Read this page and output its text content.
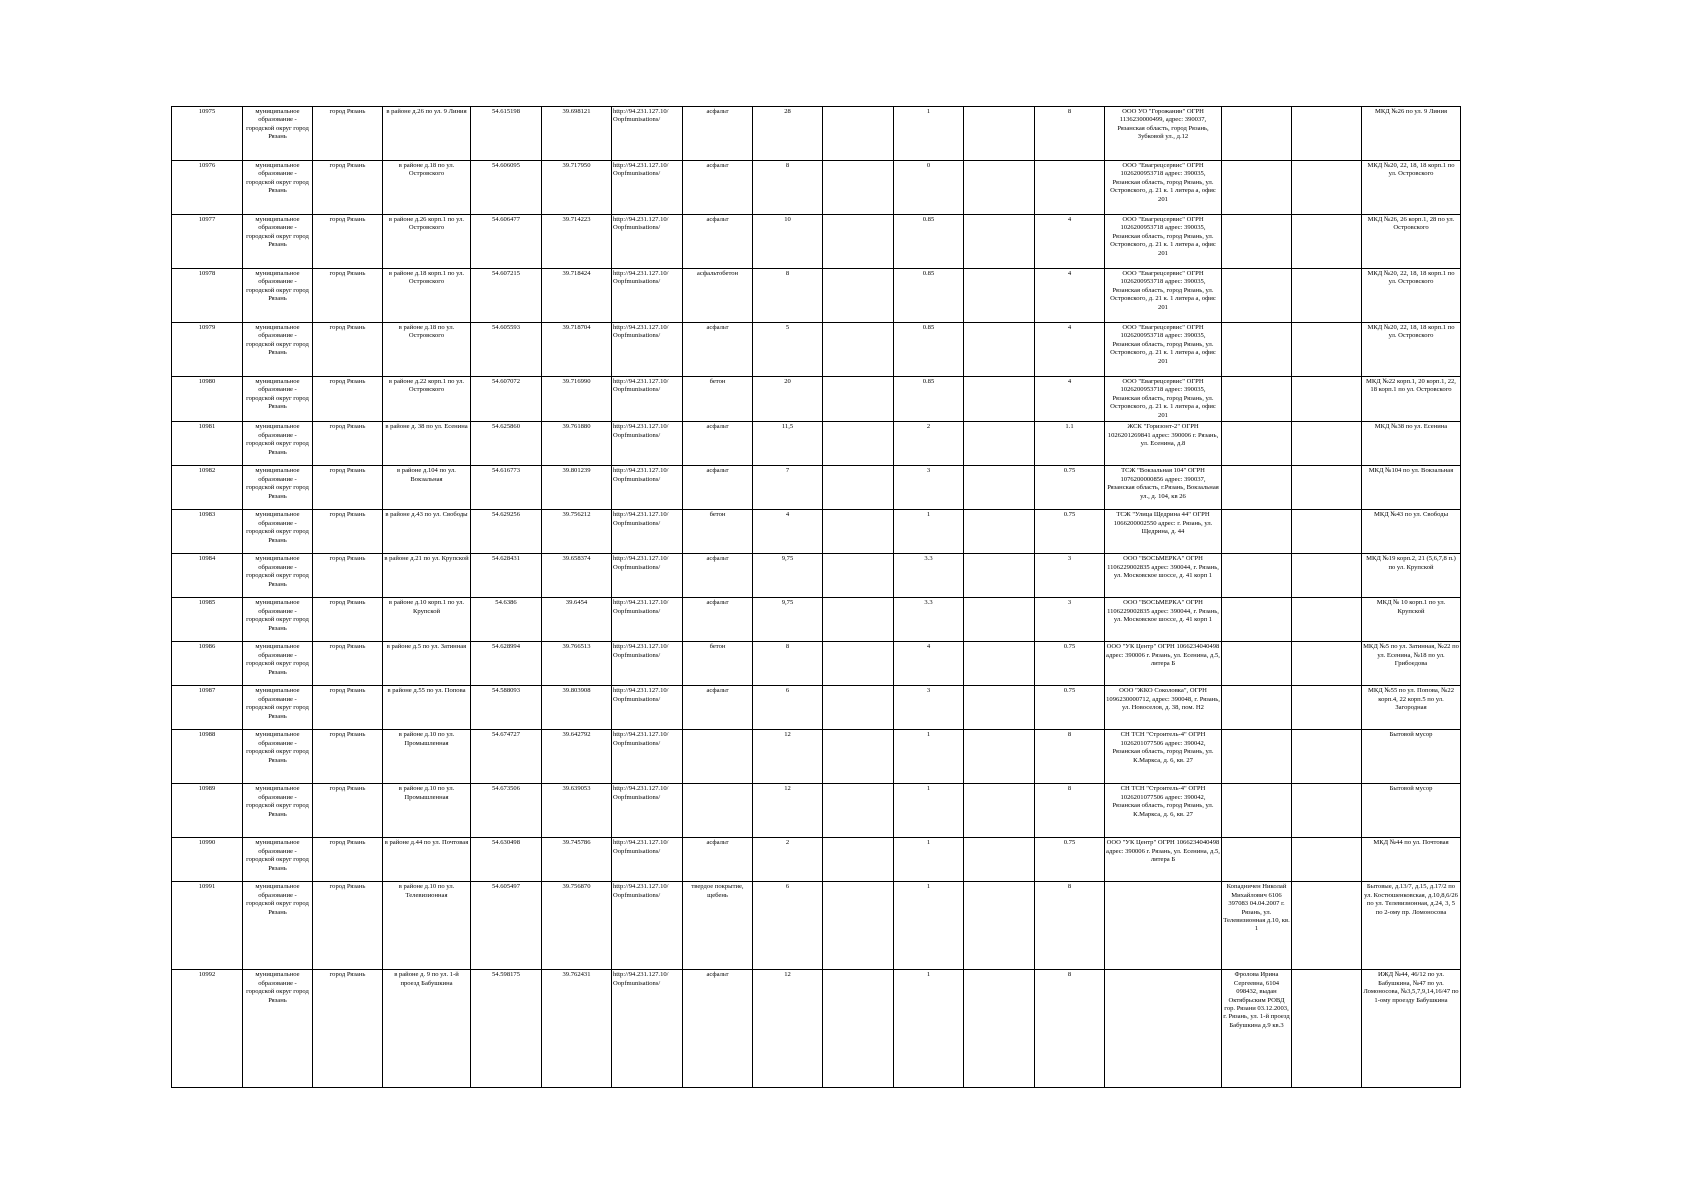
10975	муниципальное образование - городской округ город Рязань	город Рязань	в районе д.26 по ул. 9 Линия	54.615198	39.698121	http://94.231.127.10/ Oopfmunisations/	асфальт	28		1		8	ООО УО "Горожанин" ОГРН 1136230000499, адрес: 390037, Рязанская область, город Рязань, Зубковой ул., д.12			МКД №26 по ул. 9 Линия
10976	муниципальное образование - городской округ город Рязань	город Рязань	в районе д.18 по ул. Островского	54.606095	39.717950	http://94.231.127.10/ Oopfmunisations/	асфальт	8		0			ООО "Евагрецсервис" ОГРН 1026200953718 адрес: 390035, Рязанская область, город Рязань, ул. Островского, д. 21 к. 1 литера а, офис 201			МКД №20, 22, 18, 18 корп.1 по ул. Островского
10977	муниципальное образование - городской округ город Рязань	город Рязань	в районе д.26 корп.1 по ул. Островского	54.606477	39.714223	http://94.231.127.10/ Oopfmunisations/	асфальт	10		0.85		4	ООО "Евагрецсервис" ОГРН 1026200953718 адрес: 390035, Рязанская область, город Рязань, ул. Островского, д. 21 к. 1 литера а, офис 201			МКД №26, 26 корп.1, 28 по ул. Островского
10978	муниципальное образование - городской округ город Рязань	город Рязань	в районе д.18 корп.1 по ул. Островского	54.607215	39.718424	http://94.231.127.10/ Oopfmunisations/	асфальтобетон	8		0.85		4	ООО "Евагрецсервис" ОГРН 1026200953718 адрес: 390035, Рязанская область, город Рязань, ул. Островского, д. 21 к. 1 литера а, офис 201			МКД №20, 22, 18, 18 корп.1 по ул. Островского
10979	муниципальное образование - городской округ город Рязань	город Рязань	в районе д.18 по ул. Островского	54.605593	39.718704	http://94.231.127.10/ Oopfmunisations/	асфальт	5		0.85		4	ООО "Евагрецсервис" ОГРН 1026200953718 адрес: 390035, Рязанская область, город Рязань, ул. Островского, д. 21 к. 1 литера а, офис 201			МКД №20, 22, 18, 18 корп.1 по ул. Островского
10980	муниципальное образование - городской округ город Рязань	город Рязань	в районе д.22 корп.1 по ул. Островского	54.607072	39.716990	http://94.231.127.10/ Oopfmunisations/	бетон	20		0.85		4	ООО "Евагрецсервис" ОГРН 1026200953718 адрес: 390035, Рязанская область, город Рязань, ул. Островского, д. 21 к. 1 литера а, офис 201			МКД №22 корп.1, 20 корп.1, 22, 18 корп.1 по ул. Островского
10981	муниципальное образование - городской округ город Рязань	город Рязань	в районе д. 38 по ул. Есенина	54.625860	39.761880	http://94.231.127.10/ Oopfmunisations/	асфальт	11,5		2		1.1	ЖСК "Горизонт-2" ОГРН 1026201269841 адрес: 390006 г. Рязань, ул. Есенина, д.8			МКД №38 по ул. Есенина
10982	муниципальное образование - городской округ город Рязань	город Рязань	в районе д.104 по ул. Вокзальная	54.616773	39.801239	http://94.231.127.10/ Oopfmunisations/	асфальт	7		3		0.75	ТСЖ "Вокзальная 104" ОГРН 1076200000856 адрес: 390037, Рязанская область, г.Рязань, Вокзальная ул., д. 104, кв 26			МКД №104 по ул. Вокзальная
10983	муниципальное образование - городской округ город Рязань	город Рязань	в районе д.43 по ул. Свободы	54.629256	39.756212	http://94.231.127.10/ Oopfmunisations/	бетон	4		1		0.75	ТСЖ "Улица Щедрина 44" ОГРН 1066200002550 адрес: г. Рязань, ул. Щедрина, д. 44			МКД №43 по ул. Свободы
10984	муниципальное образование - городской округ город Рязань	город Рязань	в районе д.21 по ул. Крупской	54.628431	39.658374	http://94.231.127.10/ Oopfmunisations/	асфальт	9,75		3.3		3	ООО "ВОСЬМЕРКА" ОГРН 1106229002835 адрес: 390044, г. Рязань, ул. Московское шоссе, д. 41 корп 1			МКД №19 корп.2, 21 (5,6,7,8 п.) по ул. Крупской
10985	муниципальное образование - городской округ город Рязань	город Рязань	в районе д.10 корп.1 по ул. Крупской	54.6386	39.6454	http://94.231.127.10/ Oopfmunisations/	асфальт	9,75		3.3		3	ООО "ВОСЬМЕРКА" ОГРН 1106229002835 адрес: 390044, г. Рязань, ул. Московское шоссе, д. 41 корп 1			МКД № 10 корп.1 по ул. Крупской
10986	муниципальное образование - городской округ город Рязань	город Рязань	в районе д.5 по ул. Затинная	54.628994	39.766513	http://94.231.127.10/ Oopfmunisations/	бетон	8		4		0.75	ООО "УК Центр" ОГРН 1066234040498 адрес: 390006 г. Рязань, ул. Есенина, д.5, литера Б			МКД №5 по ул. Затинная, №22 по ул. Есенина, №18 по ул. Грибоедова
10987	муниципальное образование - городской округ город Рязань	город Рязань	в районе д.55 по ул. Попова	54.588093	39.803908	http://94.231.127.10/ Oopfmunisations/	асфальт	6		3		0.75	ООО "ЖКО Соколовка", ОГРН 1096230000712, адрес: 390048, г. Рязань, ул. Новоселов, д. 38, пом. Н2			МКД №55 по ул. Попова, №22 корп.4, 22 корп.5 по ул. Загородная
10988	муниципальное образование - городской округ город Рязань	город Рязань	в районе д.10 по ул. Промышленная	54.674727	39.642792	http://94.231.127.10/ Oopfmunisations/		12		1		8	СН ТСН "Строитель-4" ОГРН 1026201077506 адрес: 390042, Рязанская область, город Рязань, ул. К.Маркса, д. 6, кв. 27			Бытовой мусор
10989	муниципальное образование - городской округ город Рязань	город Рязань	в районе д.10 по ул. Промышленная	54.673506	39.639053	http://94.231.127.10/ Oopfmunisations/		12		1		8	СН ТСН "Строитель-4" ОГРН 1026201077506 адрес: 390042, Рязанская область, город Рязань, ул. К.Маркса, д. 6, кв. 27			Бытовой мусор
10990	муниципальное образование - городской округ город Рязань	город Рязань	в районе д.44 по ул. Почтовая	54.630498	39.745786	http://94.231.127.10/ Oopfmunisations/	асфальт	2		1		0.75	ООО "УК Центр" ОГРН 1066234040498 адрес: 390006 г. Рязань, ул. Есенина, д.5, литера Б			МКД №44 по ул. Почтовая
10991	муниципальное образование - городской округ город Рязань	город Рязань	в районе д.10 по ул. Телевизионная	54.605497	39.756870	http://94.231.127.10/ Oopfmunisations/	твердое покрытие, щебень	6		1		8		Копадничен Николай Михайлович 6106 397083 04.04.2007 г. Рязань, ул. Телевизионная д.10, кв. 1		Бытовые, д.13/7, д.15, д.17/2 по ул. Костюшенковская, д.10,8,6/26 по ул. Телевизионная, д.24, 3, 5 по 2-ому пр. Ломоносова
10992	муниципальное образование - городской округ город Рязань	город Рязань	в районе д. 9 по ул. 1-й проезд Бабушкина	54.598175	39.762431	http://94.231.127.10/ Oopfmunisations/	асфальт	12		1		8		Фролова Ирина Сергеевна, 6104 098432, выдан Октябрьским РОВД гор. Рязани 03.12.2003, г. Рязань, ул. 1-й проезд Бабушкина д.9 кв.3		ИЖД №44, 46/12 по ул. Бабушкина, №47 по ул. Ломоносова, №3,5,7,9,14,16/47 по 1-ому проезду Бабушкина
